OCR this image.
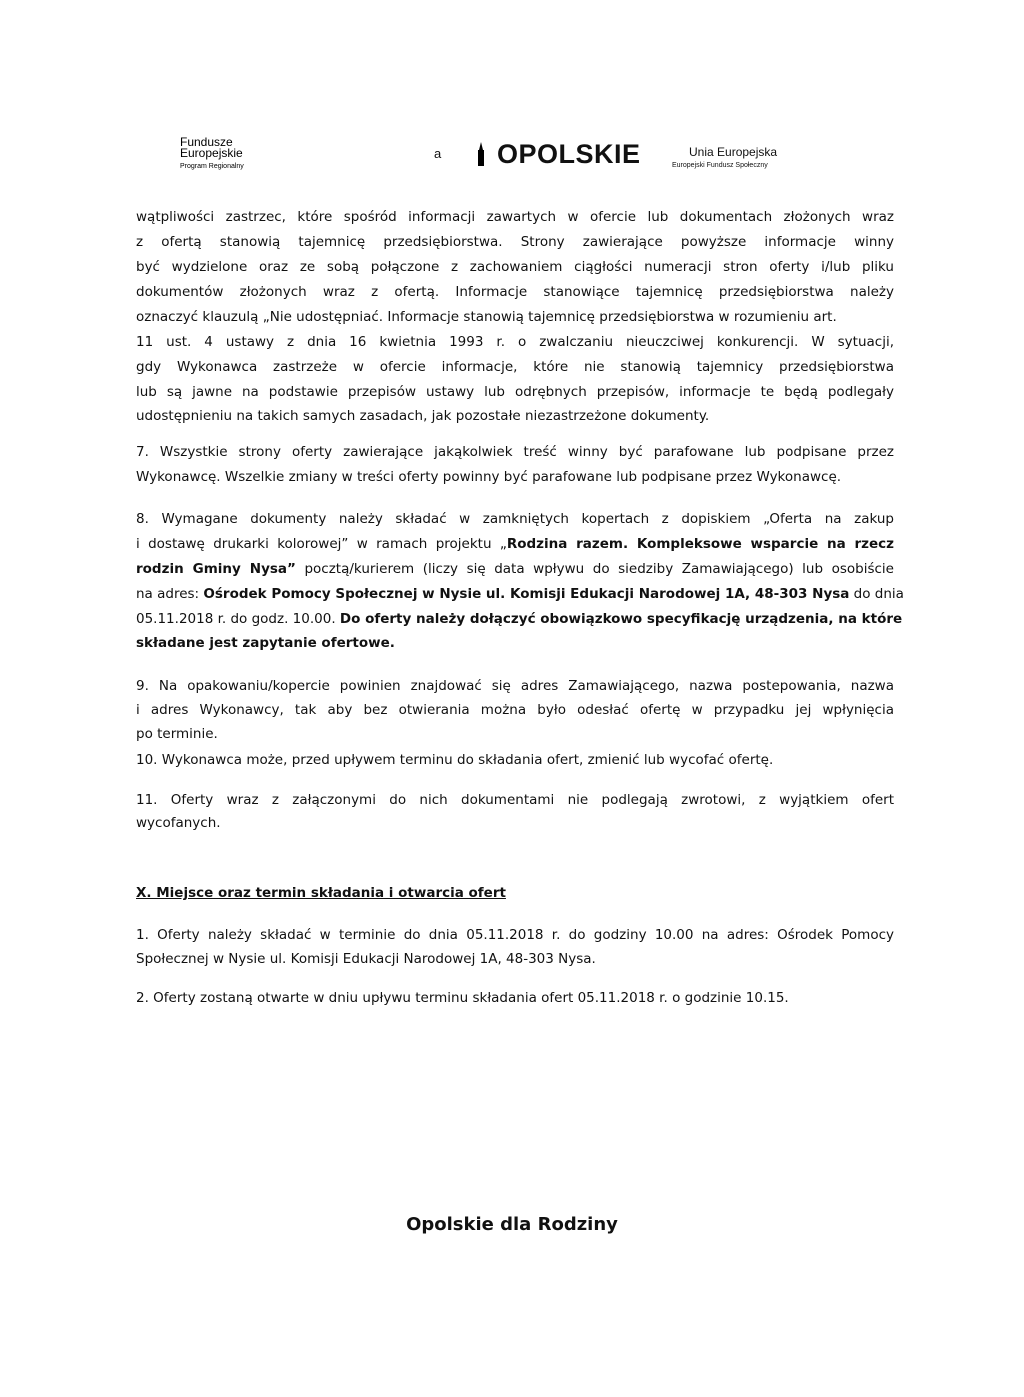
Fundusze
Europejskie
Program Regionalny
a OPOLSKIE	Unia Europejska
Europejski Fundusz Społeczny
wątpliwości zastrzec, które spośród informacji zawartych w ofercie lub dokumentach złożonych wraz
z ofertą stanowią tajemnicę przedsiębiorstwa. Strony zawierające powyższe informacje winny
być wydzielone oraz ze sobą połączone z zachowaniem ciągłości numeracji stron oferty i/lub pliku
dokumentów złożonych wraz z ofertą. Informacje stanowiące tajemnicę przedsiębiorstwa należy
oznaczyć klauzulą „Nie udostępniać. Informacje stanowią tajemnicę przedsiębiorstwa w rozumieniu art.
11 ust. 4 ustawy z dnia 16 kwietnia 1993 r. o zwalczaniu nieuczciwej konkurencji. W sytuacji,
gdy Wykonawca zastrzeże w ofercie informacje, które nie stanowią tajemnicy przedsiębiorstwa
lub są jawne na podstawie przepisów ustawy lub odrębnych przepisów, informacje te będą podlegały
udostępnieniu na takich samych zasadach, jak pozostałe niezastrzeżone dokumenty.
7. Wszystkie strony oferty zawierające jakąkolwiek treść winny być parafowane lub podpisane przez
Wykonawcę. Wszelkie zmiany w treści oferty powinny być parafowane lub podpisane przez Wykonawcę.
8. Wymagane dokumenty należy składać w zamkniętych kopertach z dopiskiem „Oferta na zakup
i dostawę drukarki kolorowej” w ramach projektu „Rodzina razem. Kompleksowe wsparcie na rzecz
rodzin Gminy Nysa” pocztą/kurierem (liczy się data wpływu do siedziby Zamawiającego) lub osobiście
na adres: Ośrodek Pomocy Społecznej w Nysie ul. Komisji Edukacji Narodowej 1A, 48-303 Nysa do dnia
05.11.2018 r. do godz. 10.00. Do oferty należy dołączyć obowiązkowo specyfikację urządzenia, na które
składane jest zapytanie ofertowe.
9. Na opakowaniu/kopercie powinien znajdować się adres Zamawiającego, nazwa postepowania, nazwa
i adres Wykonawcy, tak aby bez otwierania można było odesłać ofertę w przypadku jej wpłynięcia
po terminie.
10. Wykonawca może, przed upływem terminu do składania ofert, zmienić lub wycofać ofertę.
11. Oferty wraz z załączonymi do nich dokumentami nie podlegają zwrotowi, z wyjątkiem ofert
wycofanych.
X. Miejsce oraz termin składania i otwarcia ofert
1. Oferty należy składać w terminie do dnia 05.11.2018 r. do godziny 10.00 na adres: Ośrodek Pomocy
Społecznej w Nysie ul. Komisji Edukacji Narodowej 1A, 48-303 Nysa.
2. Oferty zostaną otwarte w dniu upływu terminu składania ofert 05.11.2018 r. o godzinie 10.15.
Opolskie dla Rodziny
